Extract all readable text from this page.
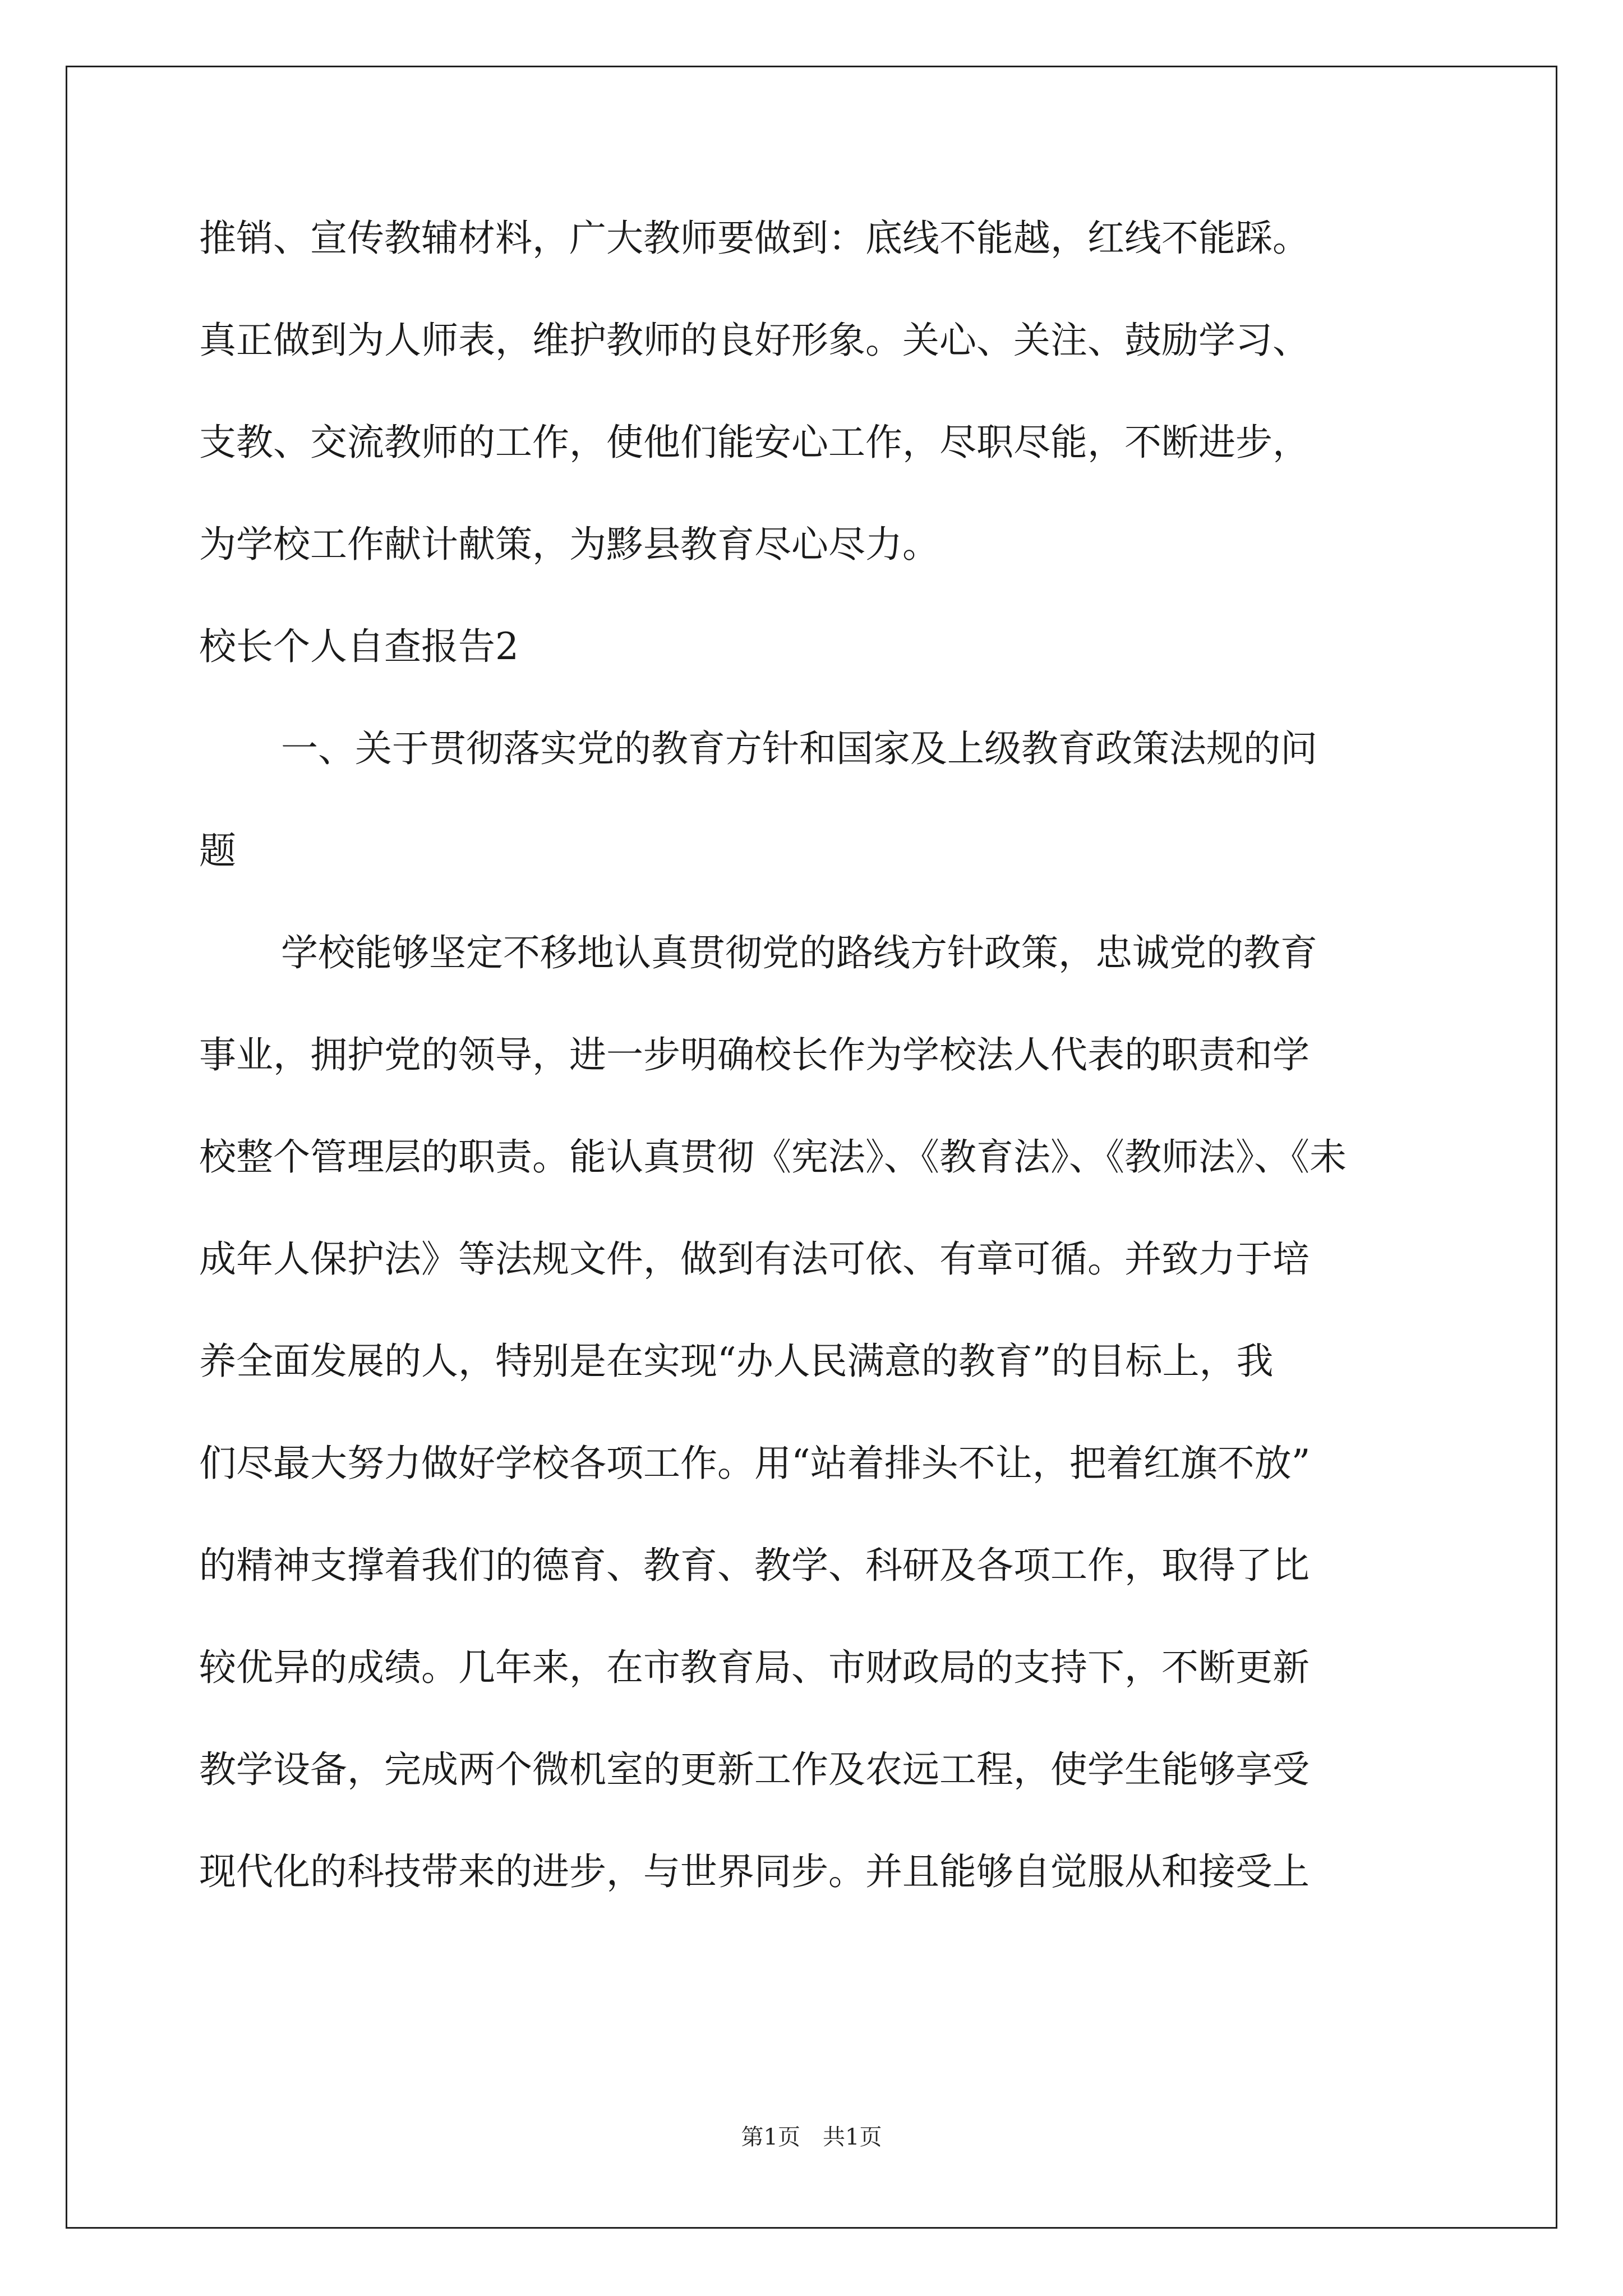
推销、宣传教辅材料，广大教师要做到：底线不能越，红线不能踩。
真正做到为人师表，维护教师的良好形象。关心、关注、鼓励学习、
支教、交流教师的工作，使他们能安心工作，尽职尽能，不断进步，
为学校工作献计献策，为黟县教育尽心尽力。
校长个人自查报告2
一、关于贯彻落实党的教育方针和国家及上级教育政策法规的问
题
学校能够坚定不移地认真贯彻党的路线方针政策，忠诚党的教育
事业，拥护党的领导，进一步明确校长作为学校法人代表的职责和学
校整个管理层的职责。能认真贯彻《宪法》、《教育法》、《教师法》、《未
成年人保护法》等法规文件，做到有法可依、有章可循。并致力于培
养全面发展的人，特别是在实现“办人民满意的教育”的目标上，我
们尽最大努力做好学校各项工作。用“站着排头不让，把着红旗不放”
的精神支撑着我们的德育、教育、教学、科研及各项工作，取得了比
较优异的成绩。几年来，在市教育局、市财政局的支持下，不断更新
教学设备，完成两个微机室的更新工作及农远工程，使学生能够享受
现代化的科技带来的进步，与世界同步。并且能够自觉服从和接受上
第1页 共1页
